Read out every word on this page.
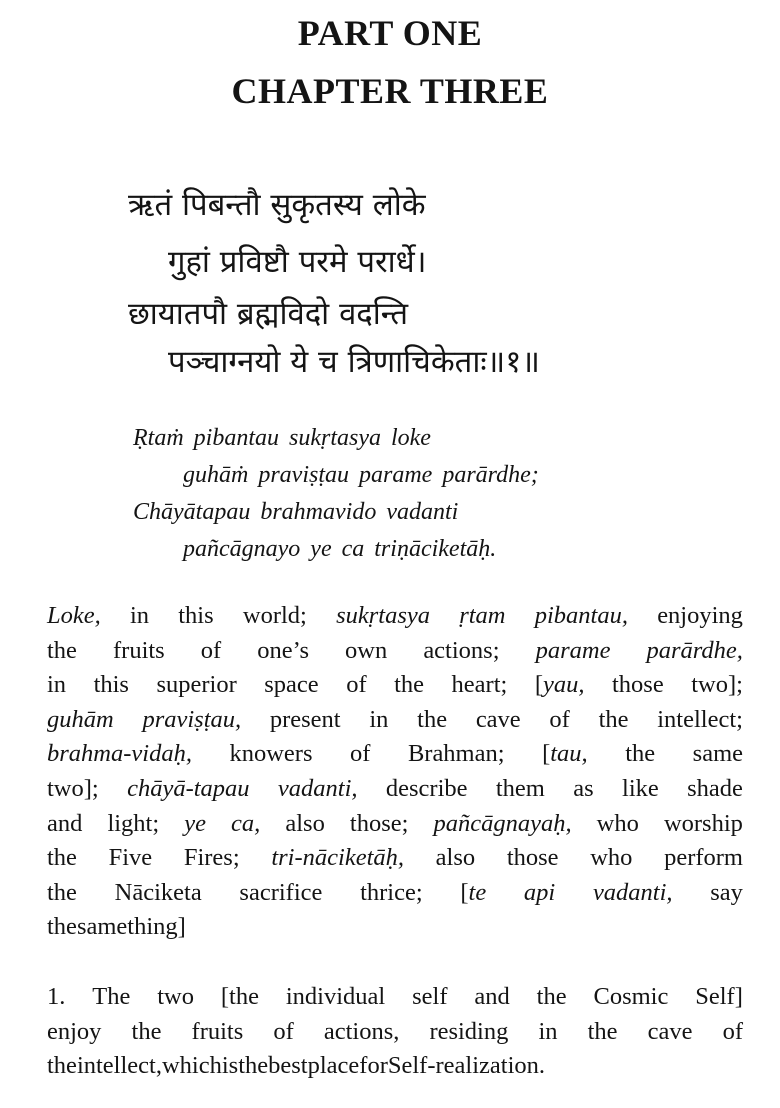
PART ONE
CHAPTER THREE
ऋतं पिबन्तौ सुकृतस्य लोके
गुहां प्रविष्टौ परमे परार्धे।
छायातपौ ब्रह्मविदो वदन्ति
पञ्चाग्नयो ये च त्रिणाचिकेताः॥१॥
Ṛtaṁ pibantau sukṛtasya loke
guhāṁ praviṣṭau parame parārdhe;
Chāyātapau brahmavido vadanti
pañcāgnayo ye ca triṇāciketāḥ.
Loke, in this world; sukṛtasya ṛtam pibantau, enjoying
the fruits of one’s own actions; parame parārdhe,
in this superior space of the heart; [yau, those two];
guhām praviṣṭau, present in the cave of the intellect;
brahma-vidaḥ, knowers of Brahman; [tau, the same
two]; chāyā-tapau vadanti, describe them as like shade
and light; ye ca, also those; pañcāgnayaḥ, who worship
the Five Fires; tri-nāciketāḥ, also those who perform
the Nāciketa sacrifice thrice; [te api vadanti, say
the same thing]
1. The two [the individual self and the Cosmic Self]
enjoy the fruits of actions, residing in the cave of
the intellect, which is the best place for Self-realization.
